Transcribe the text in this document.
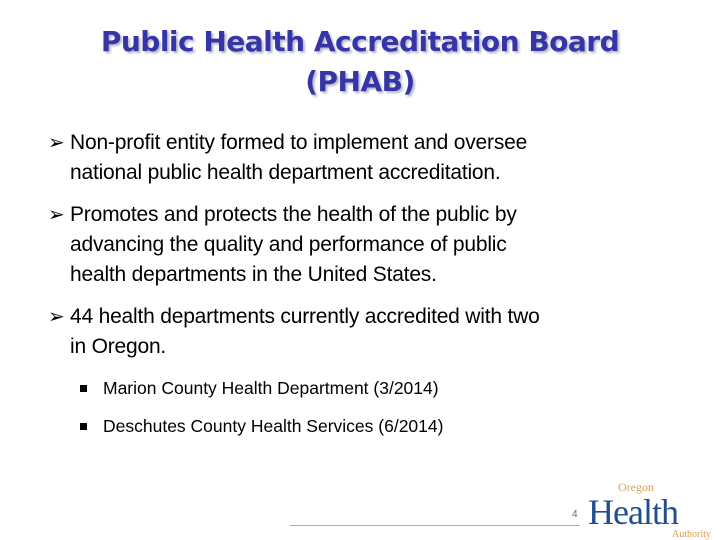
Public Health Accreditation Board
(PHAB)
➢ Non-profit entity formed to implement and oversee
national public health department accreditation.
➢ Promotes and protects the health of the public by
advancing the quality and performance of public
health departments in the United States.
➢ 44 health departments currently accredited with two
in Oregon.
Marion County Health Department (3/2014)
Deschutes County Health Services (6/2014)
4
Oregon
Health
Authority
